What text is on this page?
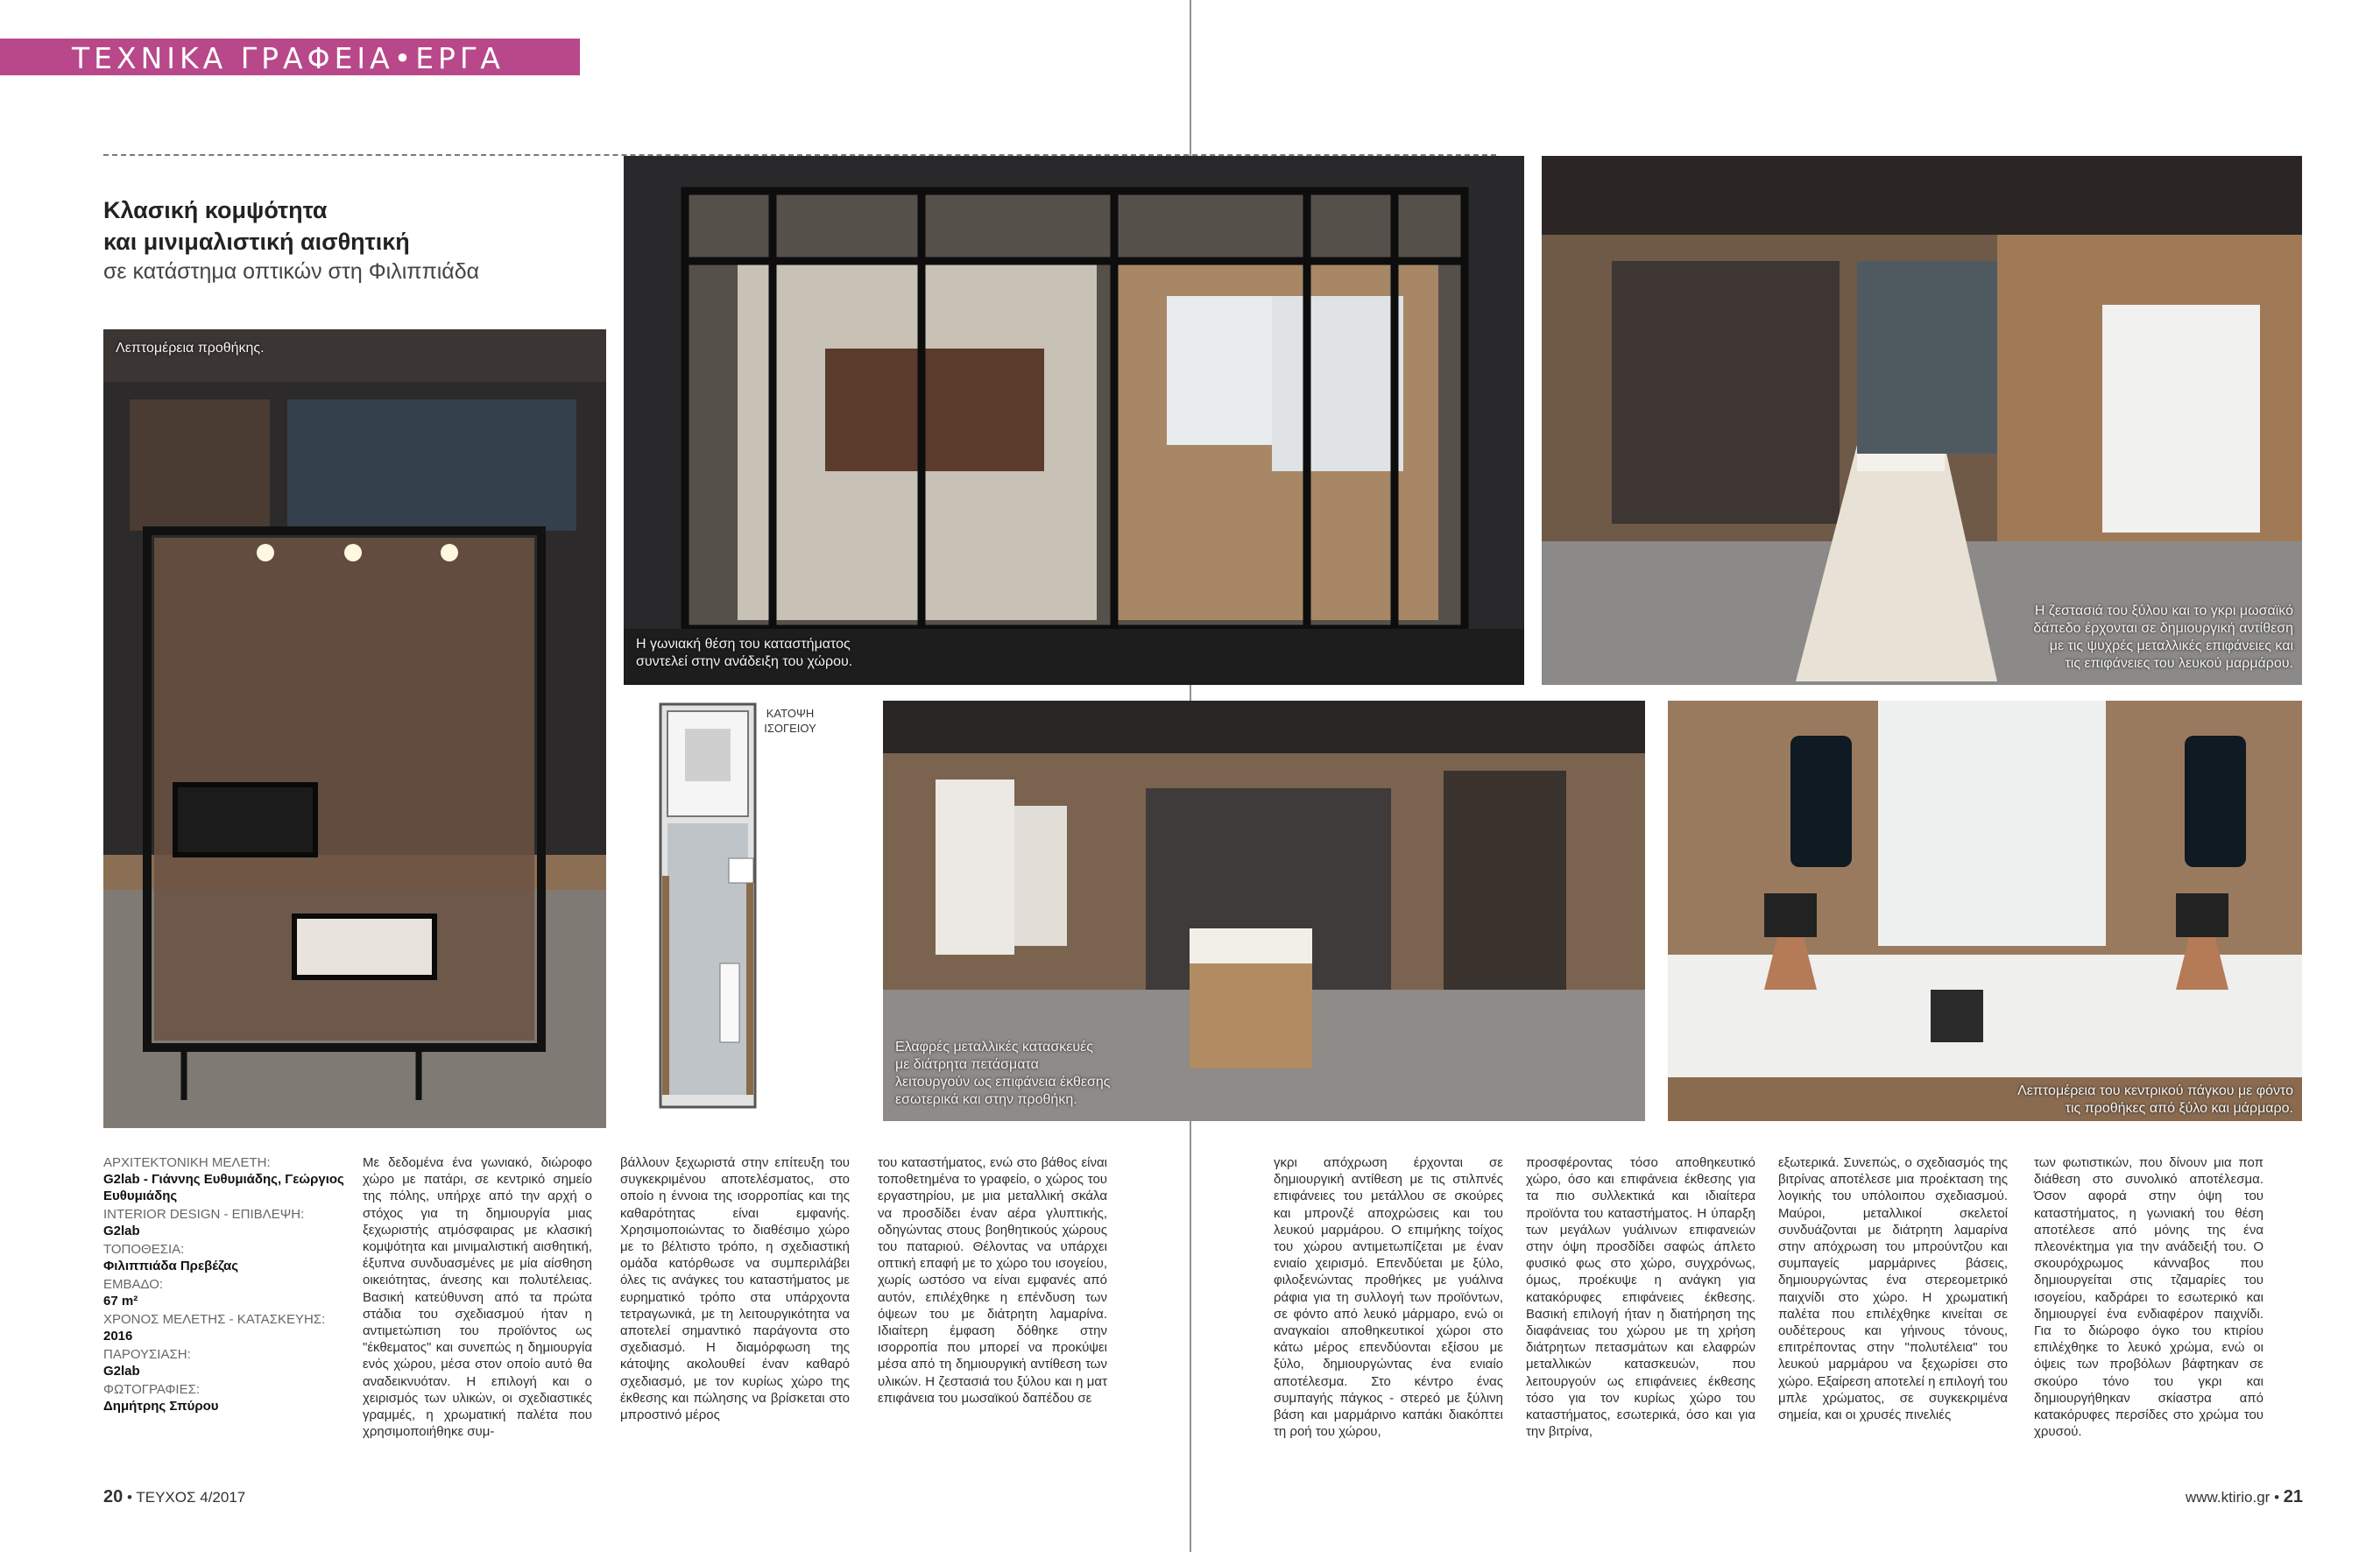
ΤΕΧΝΙΚΑ ΓΡΑΦΕΙΑ•ΕΡΓΑ
Κλασική κομψότητα
και μινιμαλιστική αισθητική
σε κατάστημα οπτικών στη Φιλιππιάδα
Λεπτομέρεια προθήκης.
Η γωνιακή θέση του καταστήματος
συντελεί στην ανάδειξη του χώρου.
Η ζεστασιά του ξύλου και το γκρι μωσαϊκό
δάπεδο έρχονται σε δημιουργική αντίθεση
με τις ψυχρές μεταλλικές επιφάνειες και
τις επιφάνειες του λευκού μαρμάρου.
ΚΑΤΟΨΗ
ΙΣΟΓΕΙΟΥ
Ελαφρές μεταλλικές κατασκευές
με διάτρητα πετάσματα
λειτουργούν ως επιφάνεια έκθεσης
εσωτερικά και στην προθήκη.
Λεπτομέρεια του κεντρικού πάγκου με φόντο
τις προθήκες από ξύλο και μάρμαρο.
ΑΡΧΙΤΕΚΤΟΝΙΚΗ ΜΕΛΕΤΗ:
G2lab - Γιάννης Ευθυμιάδης, Γεώργιος Ευθυμιάδης
INTERIOR DESIGN - ΕΠΙΒΛΕΨΗ:
G2lab
ΤΟΠΟΘΕΣΙΑ:
Φιλιππιάδα Πρεβέζας
ΕΜΒΑΔΟ:
67 m²
ΧΡΟΝΟΣ ΜΕΛΕΤΗΣ - ΚΑΤΑΣΚΕΥΗΣ:
2016
ΠΑΡΟΥΣΙΑΣΗ:
G2lab
ΦΩΤΟΓΡΑΦΙΕΣ:
Δημήτρης Σπύρου
Με δεδομένα ένα γωνιακό, διώροφο χώρο με πατάρι, σε κεντρικό σημείο της πόλης, υπήρχε από την αρχή ο στόχος για τη δημιουργία μιας ξεχωριστής ατμόσφαιρας με κλασική κομψότητα και μινιμαλιστική αισθητική, έξυπνα συνδυασμένες με μία αίσθηση οικειότητας, άνεσης και πολυτέλειας. Βασική κατεύθυνση από τα πρώτα στάδια του σχεδιασμού ήταν η αντιμετώπιση του προϊόντος ως "έκθεματος" και συνεπώς η δημιουργία ενός χώρου, μέσα στον οποίο αυτό θα αναδεικνυόταν. Η επιλογή και ο χειρισμός των υλικών, οι σχεδιαστικές γραμμές, η χρωματική παλέτα που χρησιμοποιήθηκε συμ-
βάλλουν ξεχωριστά στην επίτευξη του συγκεκριμένου αποτελέσματος, στο οποίο η έννοια της ισορροπίας και της καθαρότητας είναι εμφανής. Χρησιμοποιώντας το διαθέσιμο χώρο με το βέλτιστο τρόπο, η σχεδιαστική ομάδα κατόρθωσε να συμπεριλάβει όλες τις ανάγκες του καταστήματος με ευρηματικό τρόπο στα υπάρχοντα τετραγωνικά, με τη λειτουργικότητα να αποτελεί σημαντικό παράγοντα στο σχεδιασμό. Η διαμόρφωση της κάτοψης ακολουθεί έναν καθαρό σχεδιασμό, με τον κυρίως χώρο της έκθεσης και πώλησης να βρίσκεται στο μπροστινό μέρος
του καταστήματος, ενώ στο βάθος είναι τοποθετημένα το γραφείο, ο χώρος του εργαστηρίου, με μια μεταλλική σκάλα να προσδίδει έναν αέρα γλυπτικής, οδηγώντας στους βοηθητικούς χώρους του παταριού. Θέλοντας να υπάρχει οπτική επαφή με το χώρο του ισογείου, χωρίς ωστόσο να είναι εμφανές από αυτόν, επιλέχθηκε η επένδυση των όψεων του με διάτρητη λαμαρίνα. Ιδιαίτερη έμφαση δόθηκε στην ισορροπία που μπορεί να προκύψει μέσα από τη δημιουργική αντίθεση των υλικών. Η ζεστασιά του ξύλου και η ματ επιφάνεια του μωσαϊκού δαπέδου σε
γκρι απόχρωση έρχονται σε δημιουργική αντίθεση με τις στιλπνές επιφάνειες του μετάλλου σε σκούρες και μπρονζέ αποχρώσεις και του λευκού μαρμάρου. Ο επιμήκης τοίχος του χώρου αντιμετωπίζεται με έναν ενιαίο χειρισμό. Επενδύεται με ξύλο, φιλοξενώντας προθήκες με γυάλινα ράφια για τη συλλογή των προϊόντων, σε φόντο από λευκό μάρμαρο, ενώ οι αναγκαίοι αποθηκευτικοί χώροι στο κάτω μέρος επενδύονται εξίσου με ξύλο, δημιουργώντας ένα ενιαίο αποτέλεσμα. Στο κέντρο ένας συμπαγής πάγκος - στερεό με ξύλινη βάση και μαρμάρινο καπάκι διακόπτει τη ροή του χώρου,
προσφέροντας τόσο αποθηκευτικό χώρο, όσο και επιφάνεια έκθεσης για τα πιο συλλεκτικά και ιδιαίτερα προϊόντα του καταστήματος. Η ύπαρξη των μεγάλων γυάλινων επιφανειών στην όψη προσδίδει σαφώς άπλετο φυσικό φως στο χώρο, συγχρόνως, όμως, προέκυψε η ανάγκη για κατακόρυφες επιφάνειες έκθεσης. Βασική επιλογή ήταν η διατήρηση της διαφάνειας του χώρου με τη χρήση διάτρητων πετασμάτων και ελαφρών μεταλλικών κατασκευών, που λειτουργούν ως επιφάνειες έκθεσης τόσο για τον κυρίως χώρο του καταστήματος, εσωτερικά, όσο και για την βιτρίνα,
εξωτερικά. Συνεπώς, ο σχεδιασμός της βιτρίνας αποτέλεσε μια προέκταση της λογικής του υπόλοιπου σχεδιασμού. Μαύροι, μεταλλικοί σκελετοί συνδυάζονται με διάτρητη λαμαρίνα στην απόχρωση του μπρούντζου και συμπαγείς μαρμάρινες βάσεις, δημιουργώντας ένα στερεομετρικό παιχνίδι στο χώρο. Η χρωματική παλέτα που επιλέχθηκε κινείται σε ουδέτερους και γήινους τόνους, επιτρέποντας στην "πολυτέλεια" του λευκού μαρμάρου να ξεχωρίσει στο χώρο. Εξαίρεση αποτελεί η επιλογή του μπλε χρώματος, σε συγκεκριμένα σημεία, και οι χρυσές πινελιές
των φωτιστικών, που δίνουν μια ποπ διάθεση στο συνολικό αποτέλεσμα. Όσον αφορά στην όψη του καταστήματος, η γωνιακή του θέση αποτέλεσε από μόνης της ένα πλεονέκτημα για την ανάδειξή του. Ο σκουρόχρωμος κάνναβος που δημιουργείται στις τζαμαρίες του ισογείου, καδράρει το εσωτερικό και δημιουργεί ένα ενδιαφέρον παιχνίδι. Για το διώροφο όγκο του κτιρίου επιλέχθηκε το λευκό χρώμα, ενώ οι όψεις των προβόλων βάφτηκαν σε σκούρο τόνο του γκρι και δημιουργήθηκαν σκίαστρα από κατακόρυφες περσίδες στο χρώμα του χρυσού.
20 • ΤΕΥΧΟΣ 4/2017	www.ktirio.gr • 21
